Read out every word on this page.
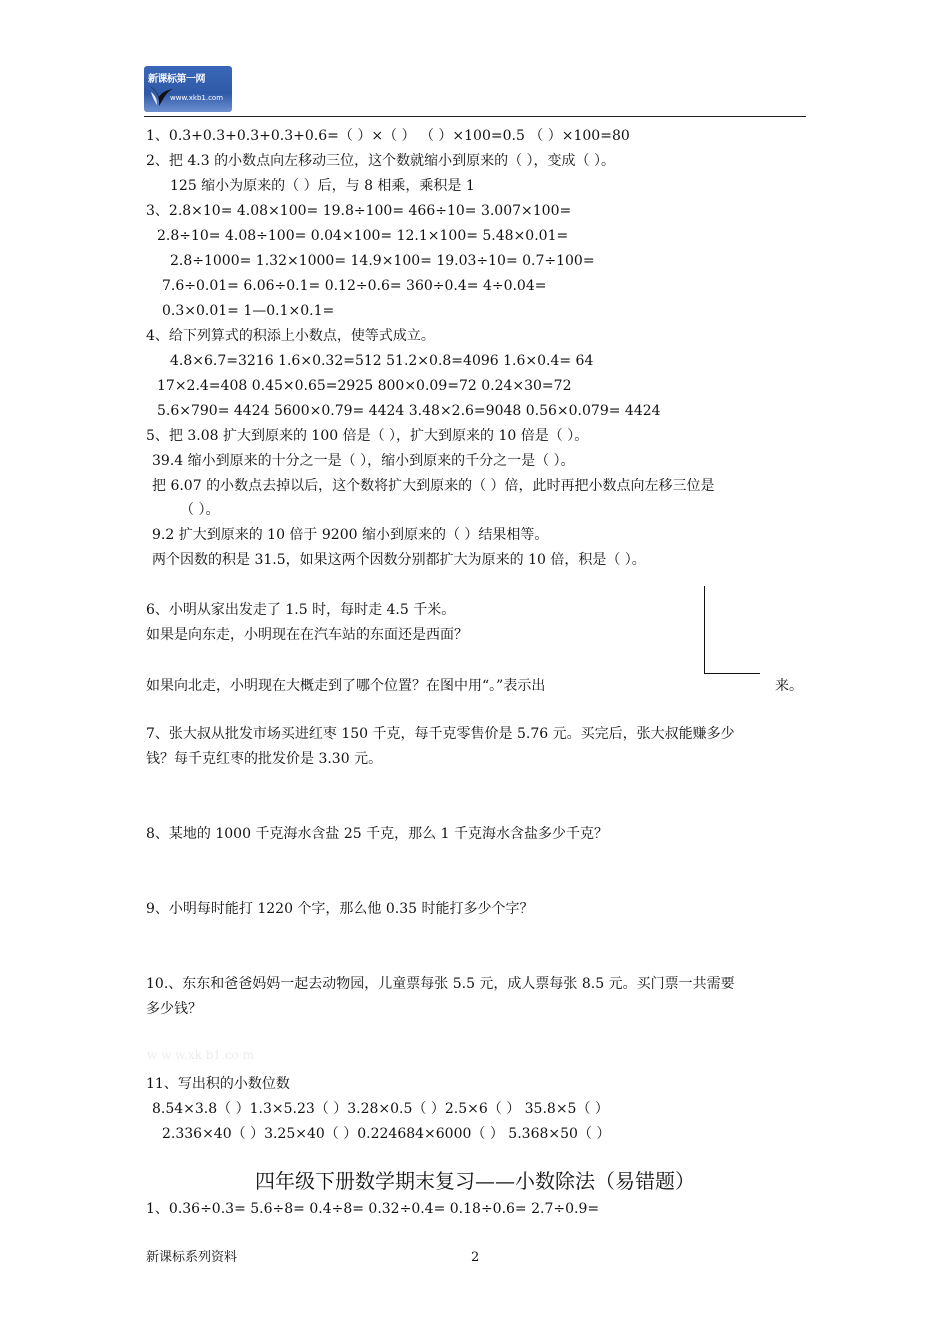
新课标第一网
www.xkb1.com
1、0.3+0.3+0.3+0.3+0.6=（ ）×（ ） （ ）×100=0.5 （ ）×100=80
2、把 4.3 的小数点向左移动三位，这个数就缩小到原来的（ ），变成（ ）。
125 缩小为原来的（ ）后，与 8 相乘，乘积是 1
3、2.8×10= 4.08×100= 19.8÷100= 466÷10= 3.007×100=
2.8÷10= 4.08÷100= 0.04×100= 12.1×100= 5.48×0.01=
2.8÷1000= 1.32×1000= 14.9×100= 19.03÷10= 0.7÷100=
7.6÷0.01= 6.06÷0.1= 0.12÷0.6= 360÷0.4= 4÷0.04=
0.3×0.01= 1—0.1×0.1=
4、给下列算式的积添上小数点，使等式成立。
4.8×6.7=3216 1.6×0.32=512 51.2×0.8=4096 1.6×0.4= 64
17×2.4=408 0.45×0.65=2925 800×0.09=72 0.24×30=72
5.6×790= 4424 5600×0.79= 4424 3.48×2.6=9048 0.56×0.079= 4424
5、把 3.08 扩大到原来的 100 倍是（ ），扩大到原来的 10 倍是（ ）。
39.4 缩小到原来的十分之一是（ ），缩小到原来的千分之一是（ ）。
把 6.07 的小数点去掉以后，这个数将扩大到原来的（ ）倍，此时再把小数点向左移三位是
（ ）。
9.2 扩大到原来的 10 倍于 9200 缩小到原来的（ ）结果相等。
两个因数的积是 31.5，如果这两个因数分别都扩大为原来的 10 倍，积是（ ）。
6、小明从家出发走了 1.5 时，每时走 4.5 千米。
如果是向东走，小明现在在汽车站的东面还是西面？
如果向北走，小明现在大概走到了哪个位置？在图中用“。”表示出	来。
7、张大叔从批发市场买进红枣 150 千克，每千克零售价是 5.76 元。买完后，张大叔能赚多少
钱？每千克红枣的批发价是 3.30 元。
8、某地的 1000 千克海水含盐 25 千克，那么 1 千克海水含盐多少千克？
9、小明每时能打 1220 个字，那么他 0.35 时能打多少个字？
10.、东东和爸爸妈妈一起去动物园，儿童票每张 5.5 元，成人票每张 8.5 元。买门票一共需要
多少钱？
w w w.xk b1.co m
11、写出积的小数位数
8.54×3.8（ ）1.3×5.23（ ）3.28×0.5（ ）2.5×6（ ） 35.8×5（ ）
2.336×40（ ）3.25×40（ ）0.224684×6000（ ） 5.368×50（ ）
四年级下册数学期末复习——小数除法（易错题）
1、0.36÷0.3= 5.6÷8= 0.4÷8= 0.32÷0.4= 0.18÷0.6= 2.7÷0.9=
新课标系列资料	2
